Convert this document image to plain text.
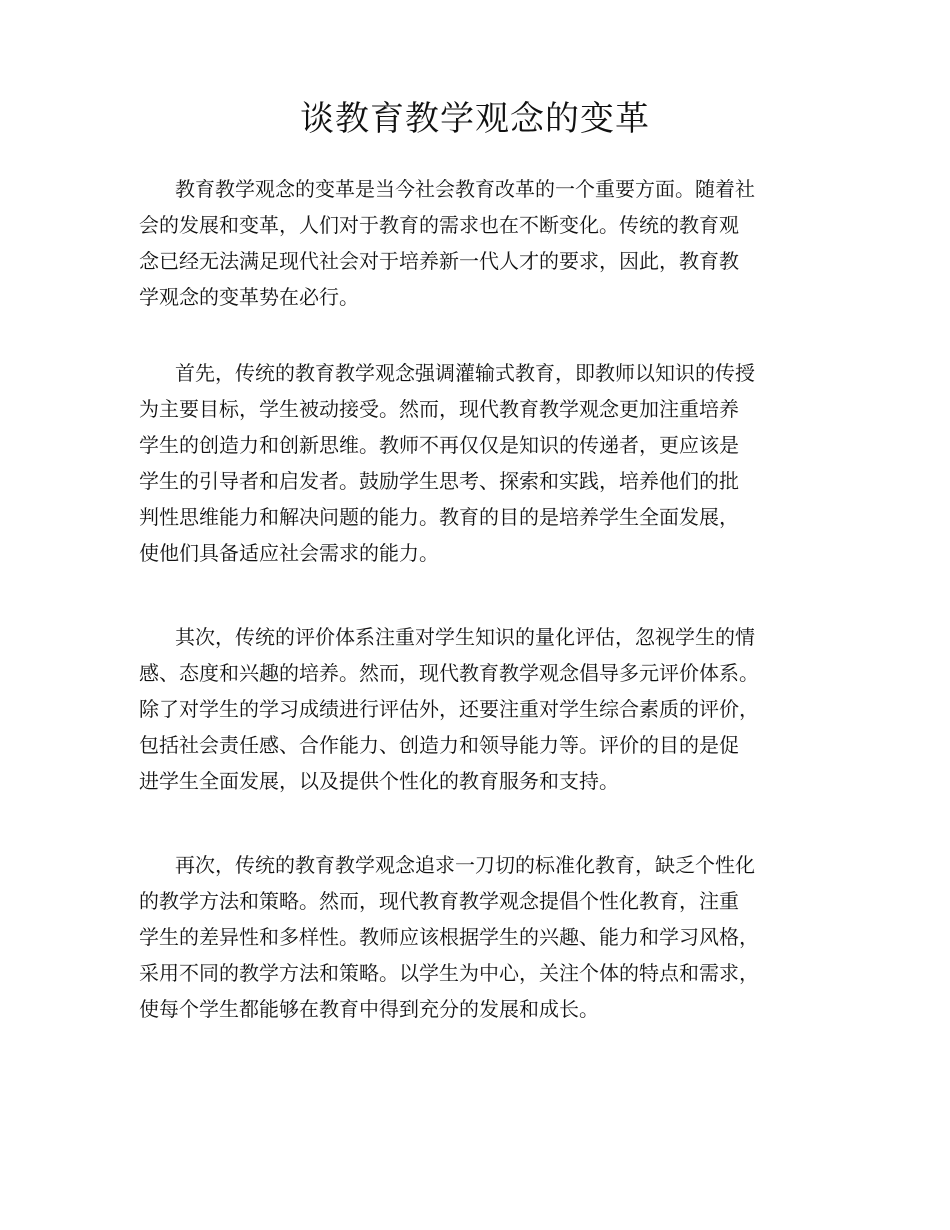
谈教育教学观念的变革
教育教学观念的变革是当今社会教育改革的一个重要方面。随着社
会的发展和变革，人们对于教育的需求也在不断变化。传统的教育观
念已经无法满足现代社会对于培养新一代人才的要求，因此，教育教
学观念的变革势在必行。
首先，传统的教育教学观念强调灌输式教育，即教师以知识的传授
为主要目标，学生被动接受。然而，现代教育教学观念更加注重培养
学生的创造力和创新思维。教师不再仅仅是知识的传递者，更应该是
学生的引导者和启发者。鼓励学生思考、探索和实践，培养他们的批
判性思维能力和解决问题的能力。教育的目的是培养学生全面发展，
使他们具备适应社会需求的能力。
其次，传统的评价体系注重对学生知识的量化评估，忽视学生的情
感、态度和兴趣的培养。然而，现代教育教学观念倡导多元评价体系。
除了对学生的学习成绩进行评估外，还要注重对学生综合素质的评价，
包括社会责任感、合作能力、创造力和领导能力等。评价的目的是促
进学生全面发展，以及提供个性化的教育服务和支持。
再次，传统的教育教学观念追求一刀切的标准化教育，缺乏个性化
的教学方法和策略。然而，现代教育教学观念提倡个性化教育，注重
学生的差异性和多样性。教师应该根据学生的兴趣、能力和学习风格，
采用不同的教学方法和策略。以学生为中心，关注个体的特点和需求，
使每个学生都能够在教育中得到充分的发展和成长。
